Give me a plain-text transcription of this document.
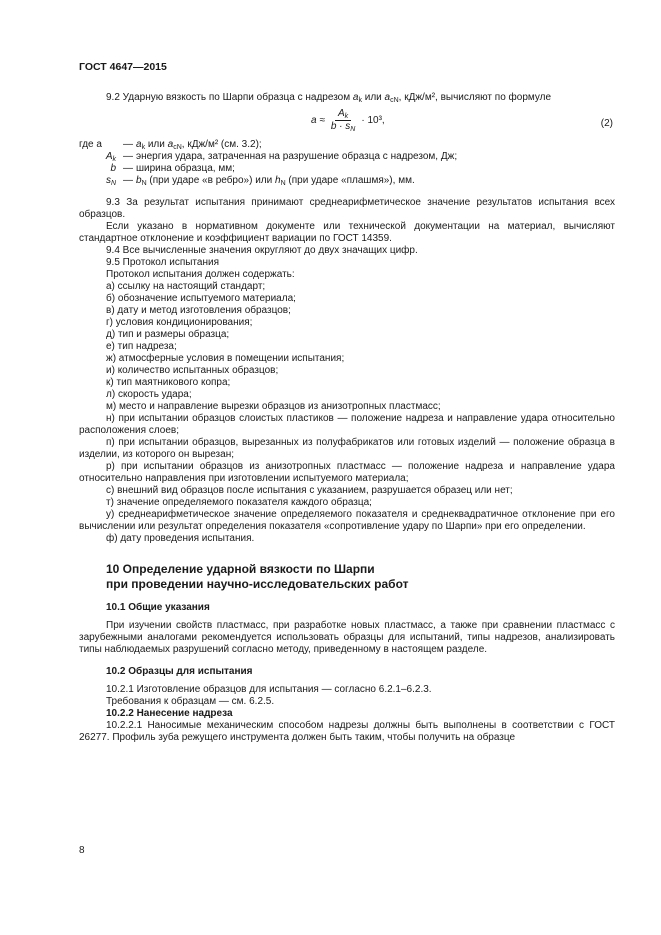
ГОСТ 4647—2015

9.2 Ударную вязкость по Шарпи образца с надрезом $a_k$ или $a_{cN}$, кДж/м², вычисляют по формуле

$a \approx \frac{A_k}{b \cdot s_N} \cdot 10^3$,	(2)
где a	— $a_k$ или $a_{cN}$, кДж/м² (см. 3.2);
$A_k$ — энергия удара, затраченная на разрушение образца с надрезом, Дж;
b — ширина образца, мм;
$s_N$ — $b_N$ (при ударе «в ребро») или $h_N$ (при ударе «плашмя»), мм.

9.3 За результат испытания принимают среднеарифметическое значение результатов испытания всех образцов.

Если указано в нормативном документе или технической документации на материал, вычисляют стандартное отклонение и коэффициент вариации по ГОСТ 14359.

9.4 Все вычисленные значения округляют до двух значащих цифр.

9.5 Протокол испытания

Протокол испытания должен содержать:

а) ссылку на настоящий стандарт;

б) обозначение испытуемого материала;

в) дату и метод изготовления образцов;

г) условия кондиционирования;

д) тип и размеры образца;

е) тип надреза;

ж) атмосферные условия в помещении испытания;

и) количество испытанных образцов;

к) тип маятникового копра;

л) скорость удара;

м) место и направление вырезки образцов из анизотропных пластмасс;

н) при испытании образцов слоистых пластиков — положение надреза и направление удара относительно расположения слоев;

п) при испытании образцов, вырезанных из полуфабрикатов или готовых изделий — положение образца в изделии, из которого он вырезан;

р) при испытании образцов из анизотропных пластмасс — положение надреза и направление удара относительно направления при изготовлении испытуемого материала;

с) внешний вид образцов после испытания с указанием, разрушается образец или нет;

т) значение определяемого показателя каждого образца;

у) среднеарифметическое значение определяемого показателя и среднеквадратичное отклонение при его вычислении или результат определения показателя «сопротивление удару по Шарпи» при его определении.

ф) дату проведения испытания.

10 Определение ударной вязкости по Шарпи
при проведении научно-исследовательских работ

10.1 Общие указания

При изучении свойств пластмасс, при разработке новых пластмасс, а также при сравнении пластмасс с зарубежными аналогами рекомендуется использовать образцы для испытаний, типы надрезов, анализировать типы наблюдаемых разрушений согласно методу, приведенному в настоящем разделе.

10.2 Образцы для испытания

10.2.1 Изготовление образцов для испытания — согласно 6.2.1–6.2.3.

Требования к образцам — см. 6.2.5.

10.2.2 Нанесение надреза

10.2.2.1 Наносимые механическим способом надрезы должны быть выполнены в соответствии с ГОСТ 26277. Профиль зуба режущего инструмента должен быть таким, чтобы получить на образце

8
